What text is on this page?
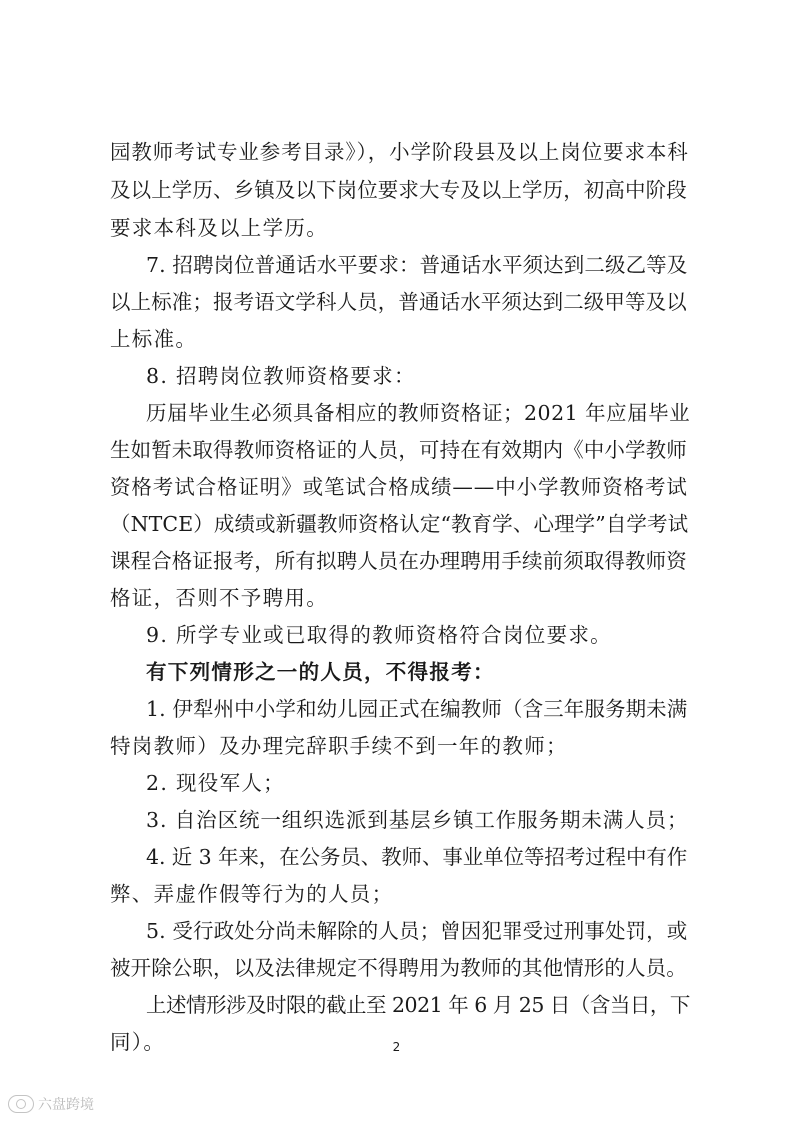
园教师考试专业参考目录》），小学阶段县及以上岗位要求本科
及以上学历、乡镇及以下岗位要求大专及以上学历，初高中阶段
要求本科及以上学历。
7. 招聘岗位普通话水平要求：普通话水平须达到二级乙等及
以上标准；报考语文学科人员，普通话水平须达到二级甲等及以
上标准。
8. 招聘岗位教师资格要求：
历届毕业生必须具备相应的教师资格证；2021 年应届毕业
生如暂未取得教师资格证的人员，可持在有效期内《中小学教师
资格考试合格证明》或笔试合格成绩——中小学教师资格考试
（NTCE）成绩或新疆教师资格认定“教育学、心理学”自学考试
课程合格证报考，所有拟聘人员在办理聘用手续前须取得教师资
格证，否则不予聘用。
9. 所学专业或已取得的教师资格符合岗位要求。
有下列情形之一的人员，不得报考：
1. 伊犁州中小学和幼儿园正式在编教师（含三年服务期未满
特岗教师）及办理完辞职手续不到一年的教师；
2. 现役军人；
3. 自治区统一组织选派到基层乡镇工作服务期未满人员；
4. 近 3 年来，在公务员、教师、事业单位等招考过程中有作
弊、弄虚作假等行为的人员；
5. 受行政处分尚未解除的人员；曾因犯罪受过刑事处罚，或
被开除公职，以及法律规定不得聘用为教师的其他情形的人员。
上述情形涉及时限的截止至 2021 年 6 月 25 日（含当日，下
同）。	2
六盘跨境
